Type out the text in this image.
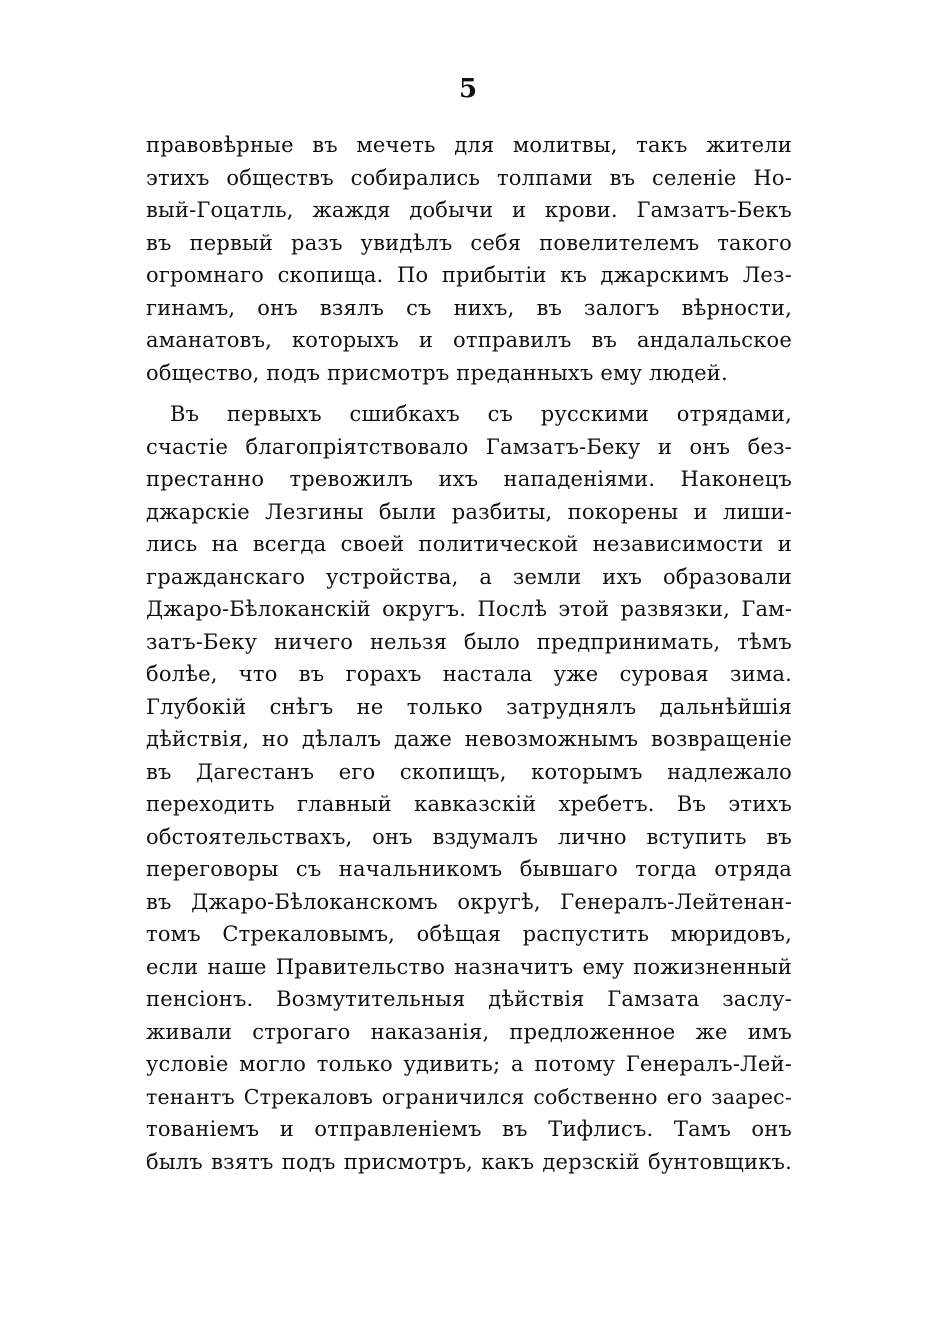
5
правовѣрные въ мечеть для молитвы, такъ жители
этихъ обществъ собирались толпами въ селеніе Но-
вый-Гоцатль, жаждя добычи и крови. Гамзатъ-Бекъ
въ первый разъ увидѣлъ себя повелителемъ такого
огромнаго скопища. По прибытіи къ джарскимъ Лез-
гинамъ, онъ взялъ съ нихъ, въ залогъ вѣрности,
аманатовъ, которыхъ и отправилъ въ андалальское
общество, подъ присмотръ преданныхъ ему людей.
Въ первыхъ сшибкахъ съ русскими отрядами,
счастіе благопріятствовало Гамзатъ-Беку и онъ без-
престанно тревожилъ ихъ нападеніями. Наконецъ
джарскіе Лезгины были разбиты, покорены и лиши-
лись на всегда своей политической независимости и
гражданскаго устройства, а земли ихъ образовали
Джаро-Бѣлоканскій округъ. Послѣ этой развязки, Гам-
затъ-Беку ничего нельзя было предпринимать, тѣмъ
болѣе, что въ горахъ настала уже суровая зима.
Глубокій снѣгъ не только затруднялъ дальнѣйшія
дѣйствія, но дѣлалъ даже невозможнымъ возвращеніе
въ Дагестанъ его скопищъ, которымъ надлежало
переходить главный кавказскій хребетъ. Въ этихъ
обстоятельствахъ, онъ вздумалъ лично вступить въ
переговоры съ начальникомъ бывшаго тогда отряда
въ Джаро-Бѣлоканскомъ округѣ, Генералъ-Лейтенан-
томъ Стрекаловымъ, обѣщая распустить мюридовъ,
если наше Правительство назначитъ ему пожизненный
пенсіонъ. Возмутительныя дѣйствія Гамзата заслу-
живали строгаго наказанія, предложенное же имъ
условіе могло только удивить; а потому Генералъ-Лей-
тенантъ Стрекаловъ ограничился собственно его заарес-
тованіемъ и отправленіемъ въ Тифлисъ. Тамъ онъ
былъ взятъ подъ присмотръ, какъ дерзскій бунтовщикъ.
